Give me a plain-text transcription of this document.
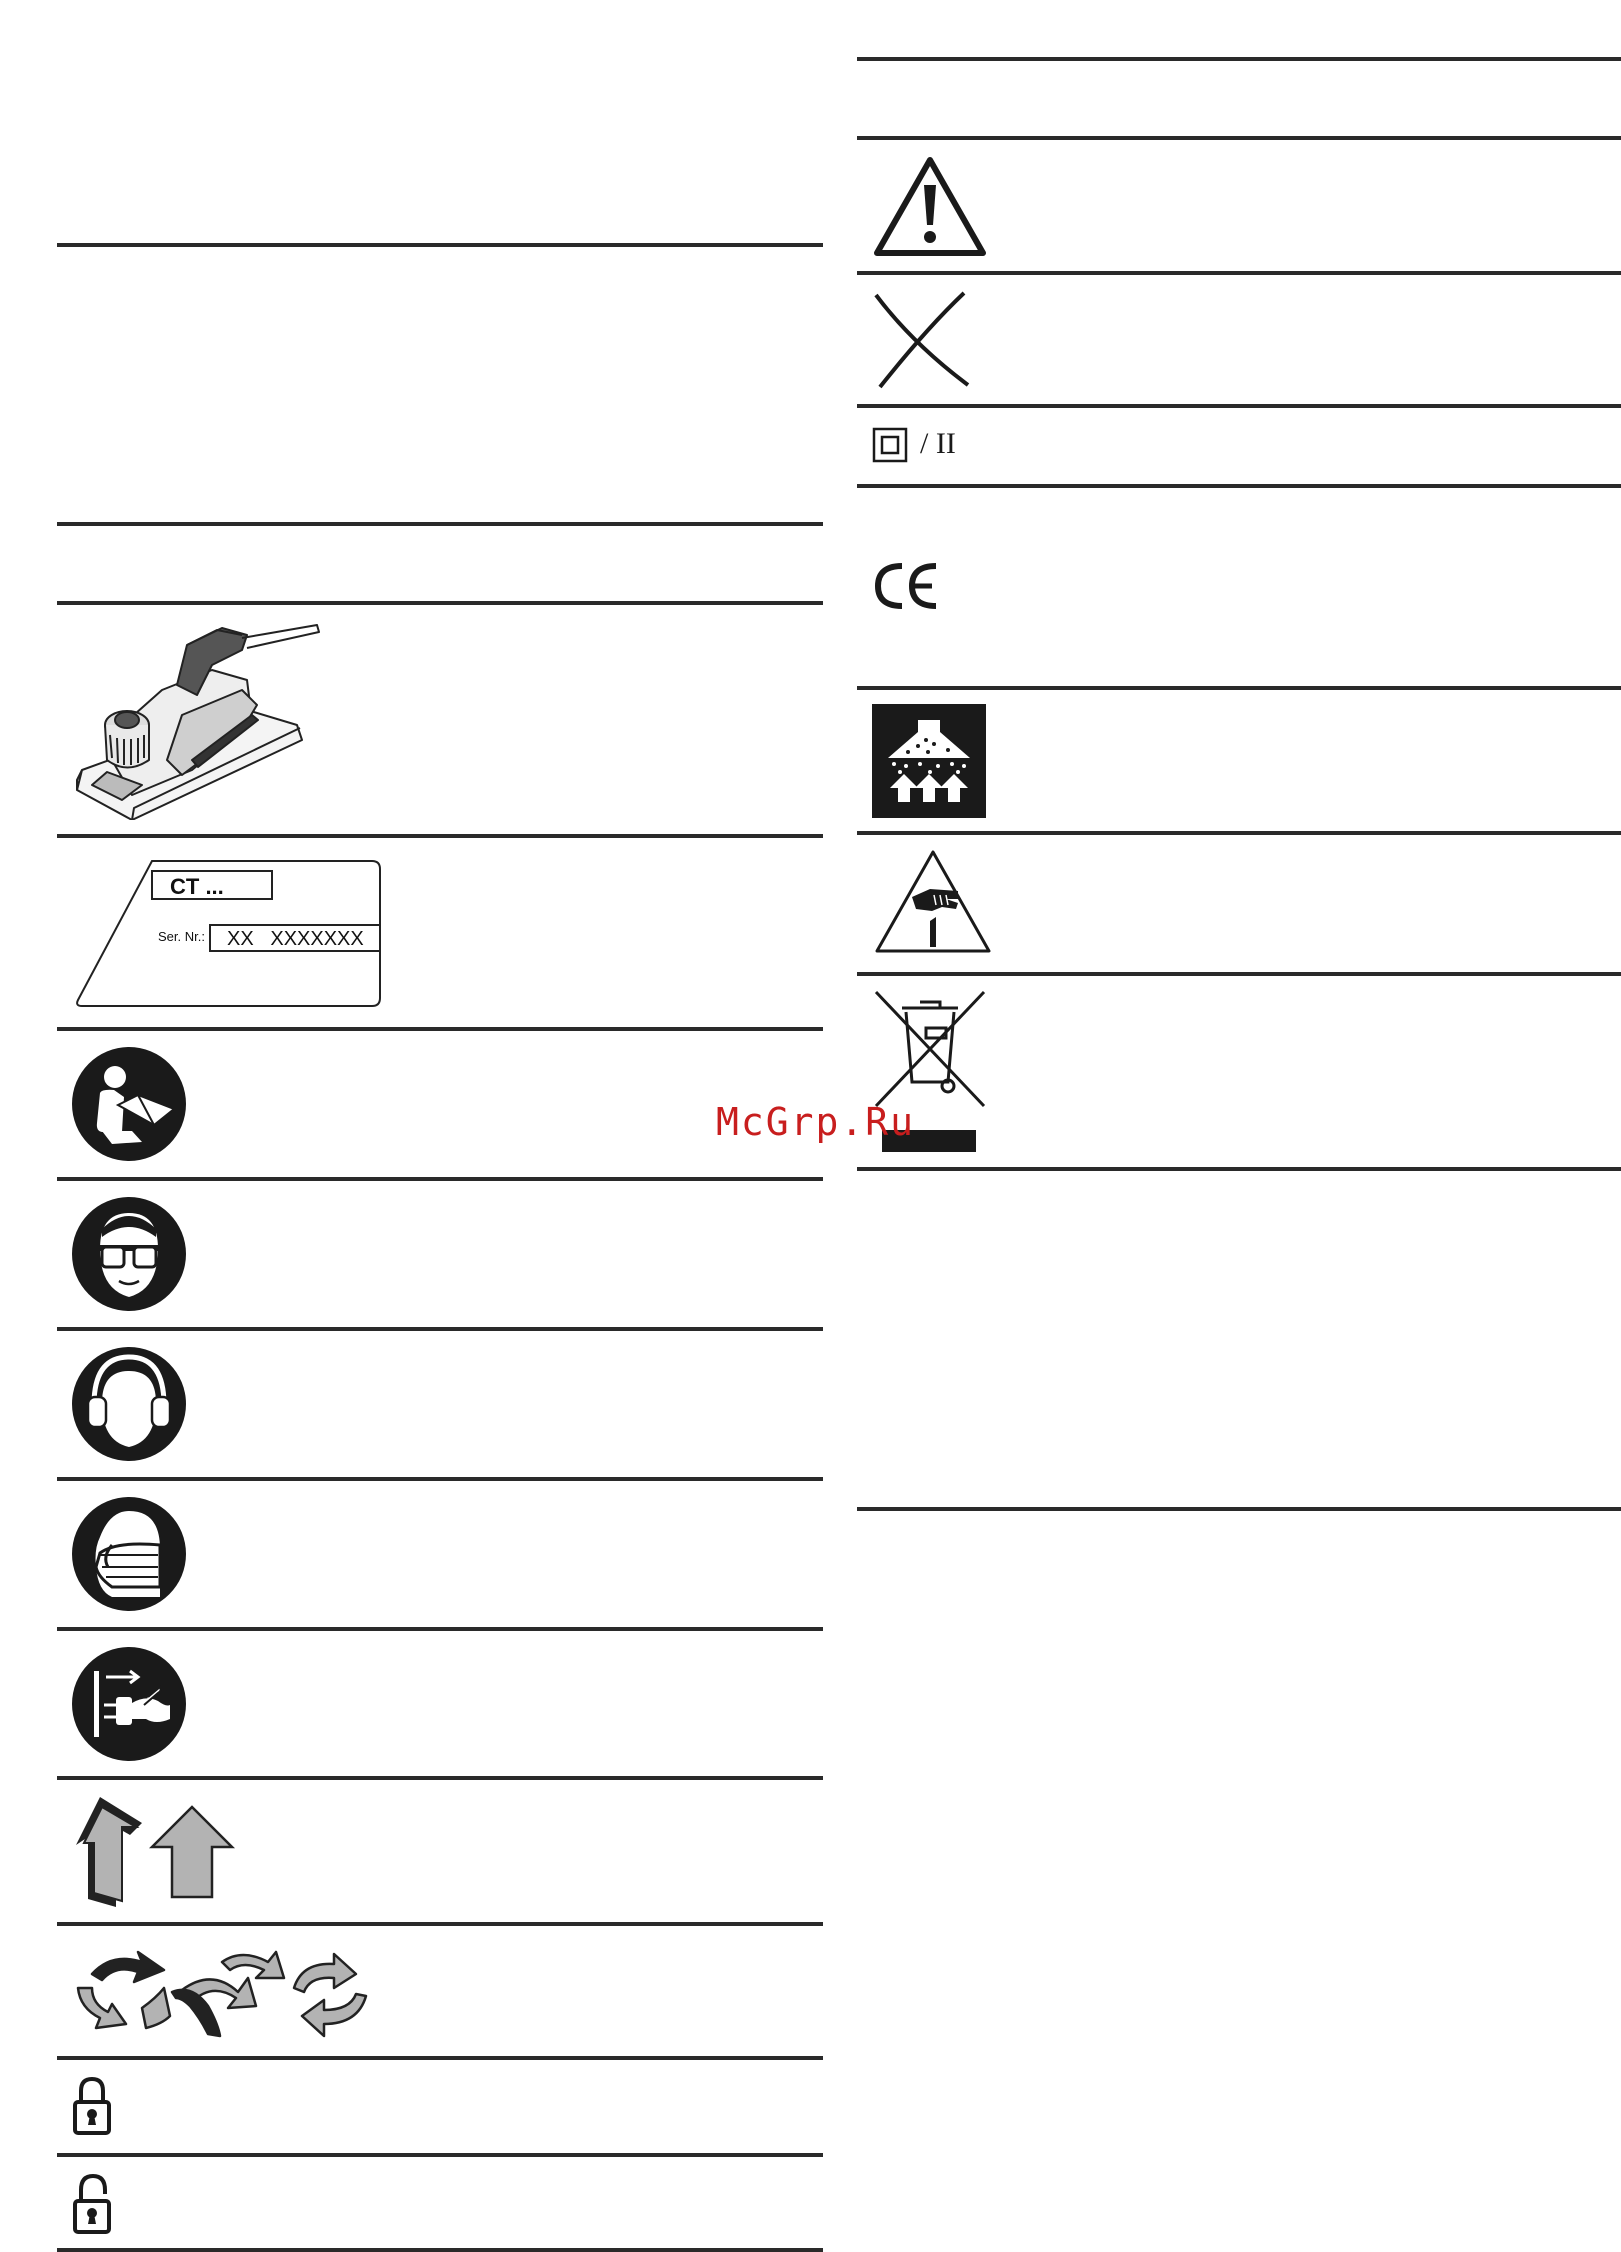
CT ...
Ser. Nr.: XX   XXXXXXX
/ II
McGrp.Ru
